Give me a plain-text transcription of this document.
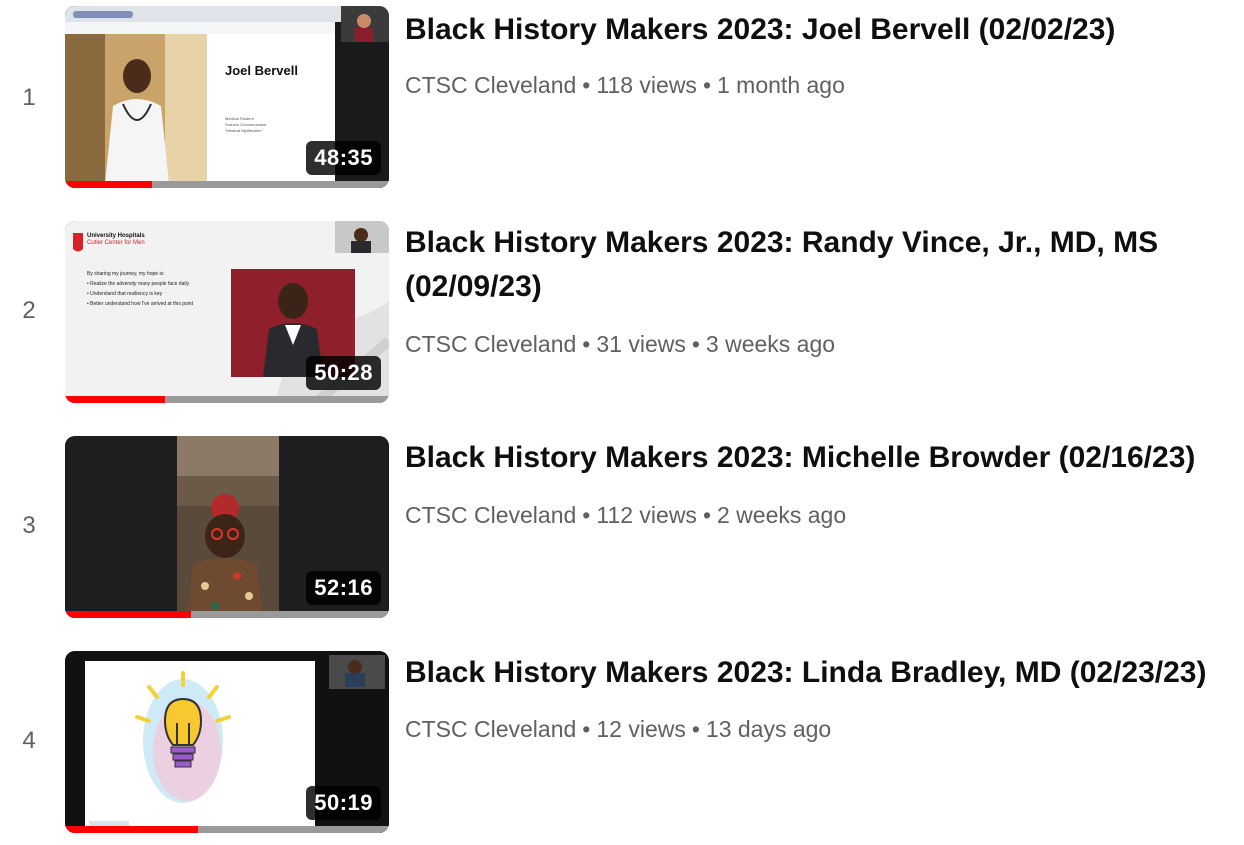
1
Joel Bervell
Medical Student
Science Communicator
"Medical Mythbuster"
48:35
Black History Makers 2023: Joel Bervell (02/02/23)
CTSC Cleveland • 118 views • 1 month ago
2
University Hospitals
Cutler Center for Men
By sharing my journey, my hope is:
• Realize the adversity many people face daily
• Understand that resiliency is key
• Better understand how I've arrived at this point
50:28
Black History Makers 2023: Randy Vince, Jr., MD, MS (02/09/23)
CTSC Cleveland • 31 views • 3 weeks ago
3
52:16
Black History Makers 2023: Michelle Browder (02/16/23)
CTSC Cleveland • 112 views • 2 weeks ago
4
50:19
Black History Makers 2023: Linda Bradley, MD (02/23/23)
CTSC Cleveland • 12 views • 13 days ago
